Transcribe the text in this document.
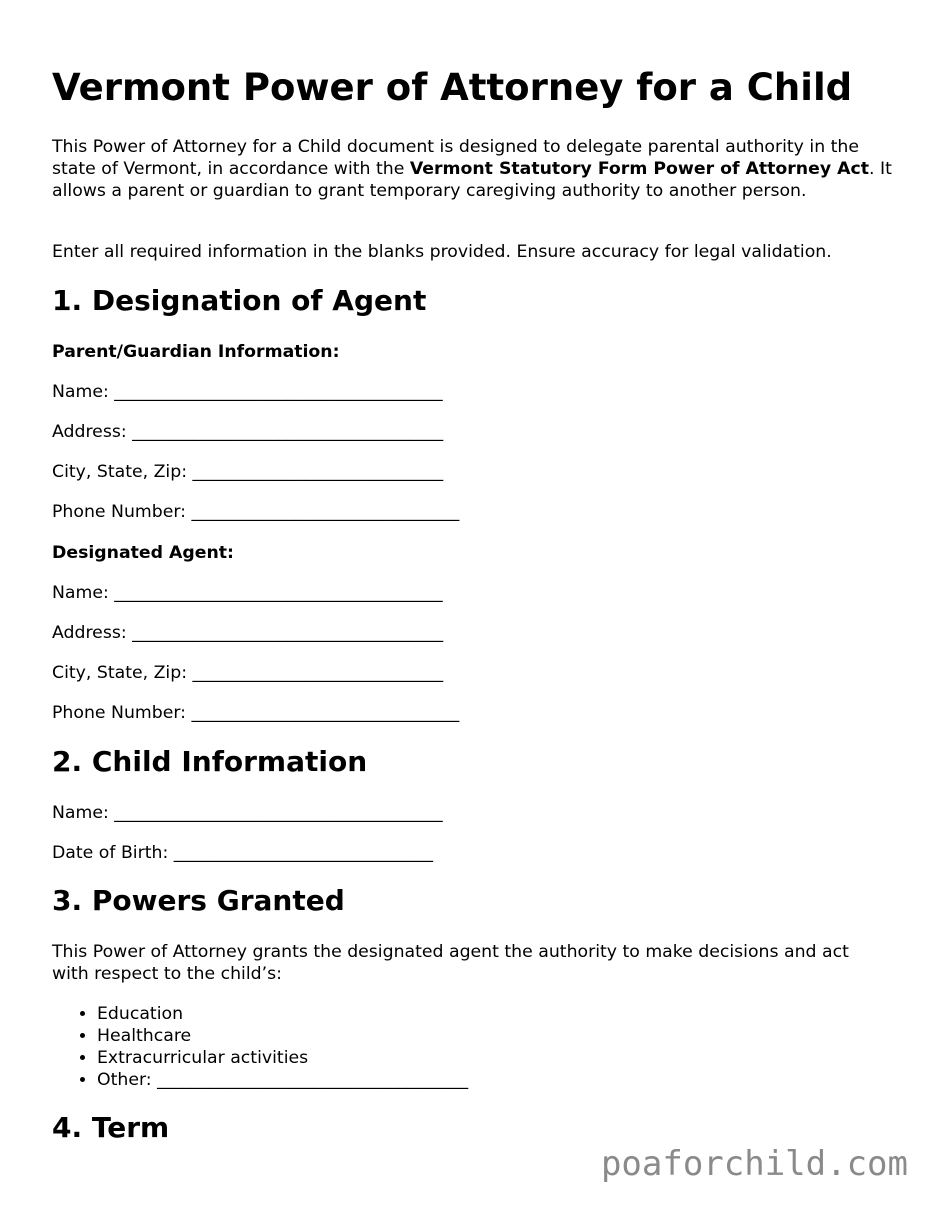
Vermont Power of Attorney for a Child

This Power of Attorney for a Child document is designed to delegate parental authority in the state of Vermont, in accordance with the Vermont Statutory Form Power of Attorney Act. It allows a parent or guardian to grant temporary caregiving authority to another person.

Enter all required information in the blanks provided. Ensure accuracy for legal validation.

1. Designation of Agent
Parent/Guardian Information:
Name: ______________________________________
Address: ____________________________________
City, State, Zip: _____________________________
Phone Number: _______________________________
Designated Agent:
Name: ______________________________________
Address: ____________________________________
City, State, Zip: _____________________________
Phone Number: _______________________________
2. Child Information
Name: ______________________________________
Date of Birth: ______________________________
3. Powers Granted

This Power of Attorney grants the designated agent the authority to make decisions and act with respect to the child’s:

• Education
• Healthcare
• Extracurricular activities
• Other: ____________________________________
4. Term
poaforchild.com
